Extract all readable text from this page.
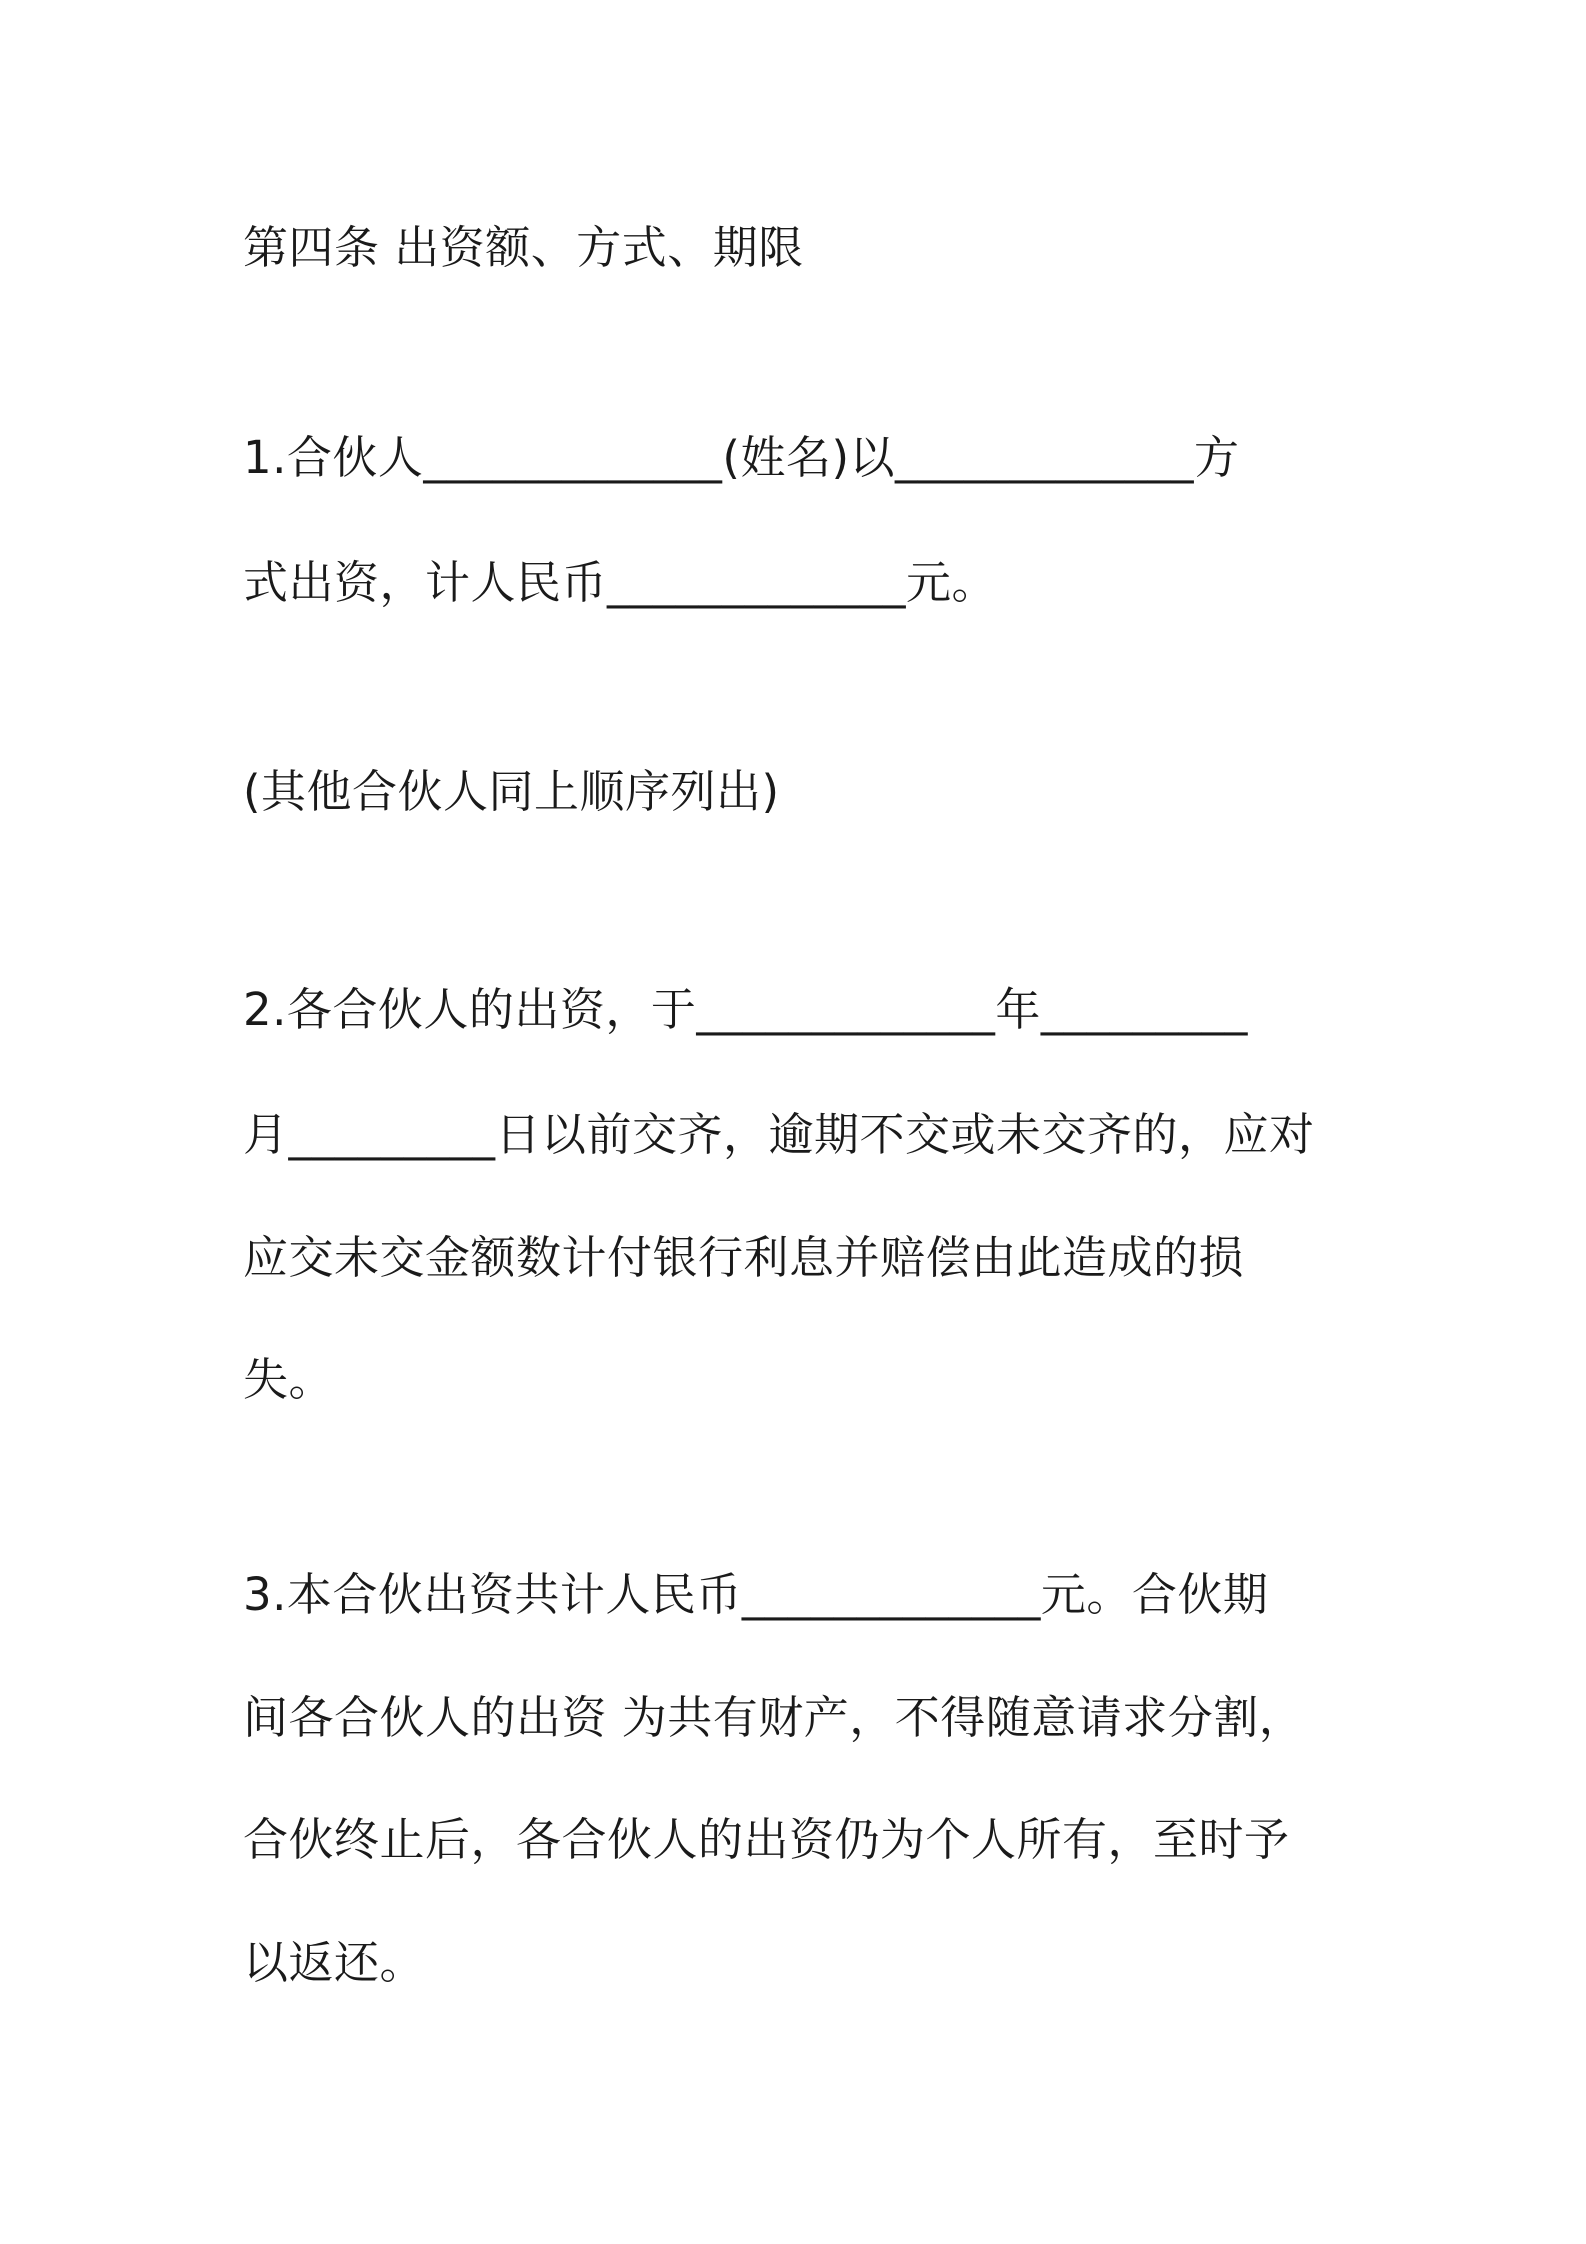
第四条 出资额、方式、期限
1.合伙人_____________(姓名)以_____________方
式出资，计人民币_____________元。
(其他合伙人同上顺序列出)
2.各合伙人的出资，于_____________年_________
月_________日以前交齐，逾期不交或未交齐的，应对
应交未交金额数计付银行利息并赔偿由此造成的损
失。
3.本合伙出资共计人民币_____________元。合伙期
间各合伙人的出资 为共有财产，不得随意请求分割，
合伙终止后，各合伙人的出资仍为个人所有，至时予
以返还。
